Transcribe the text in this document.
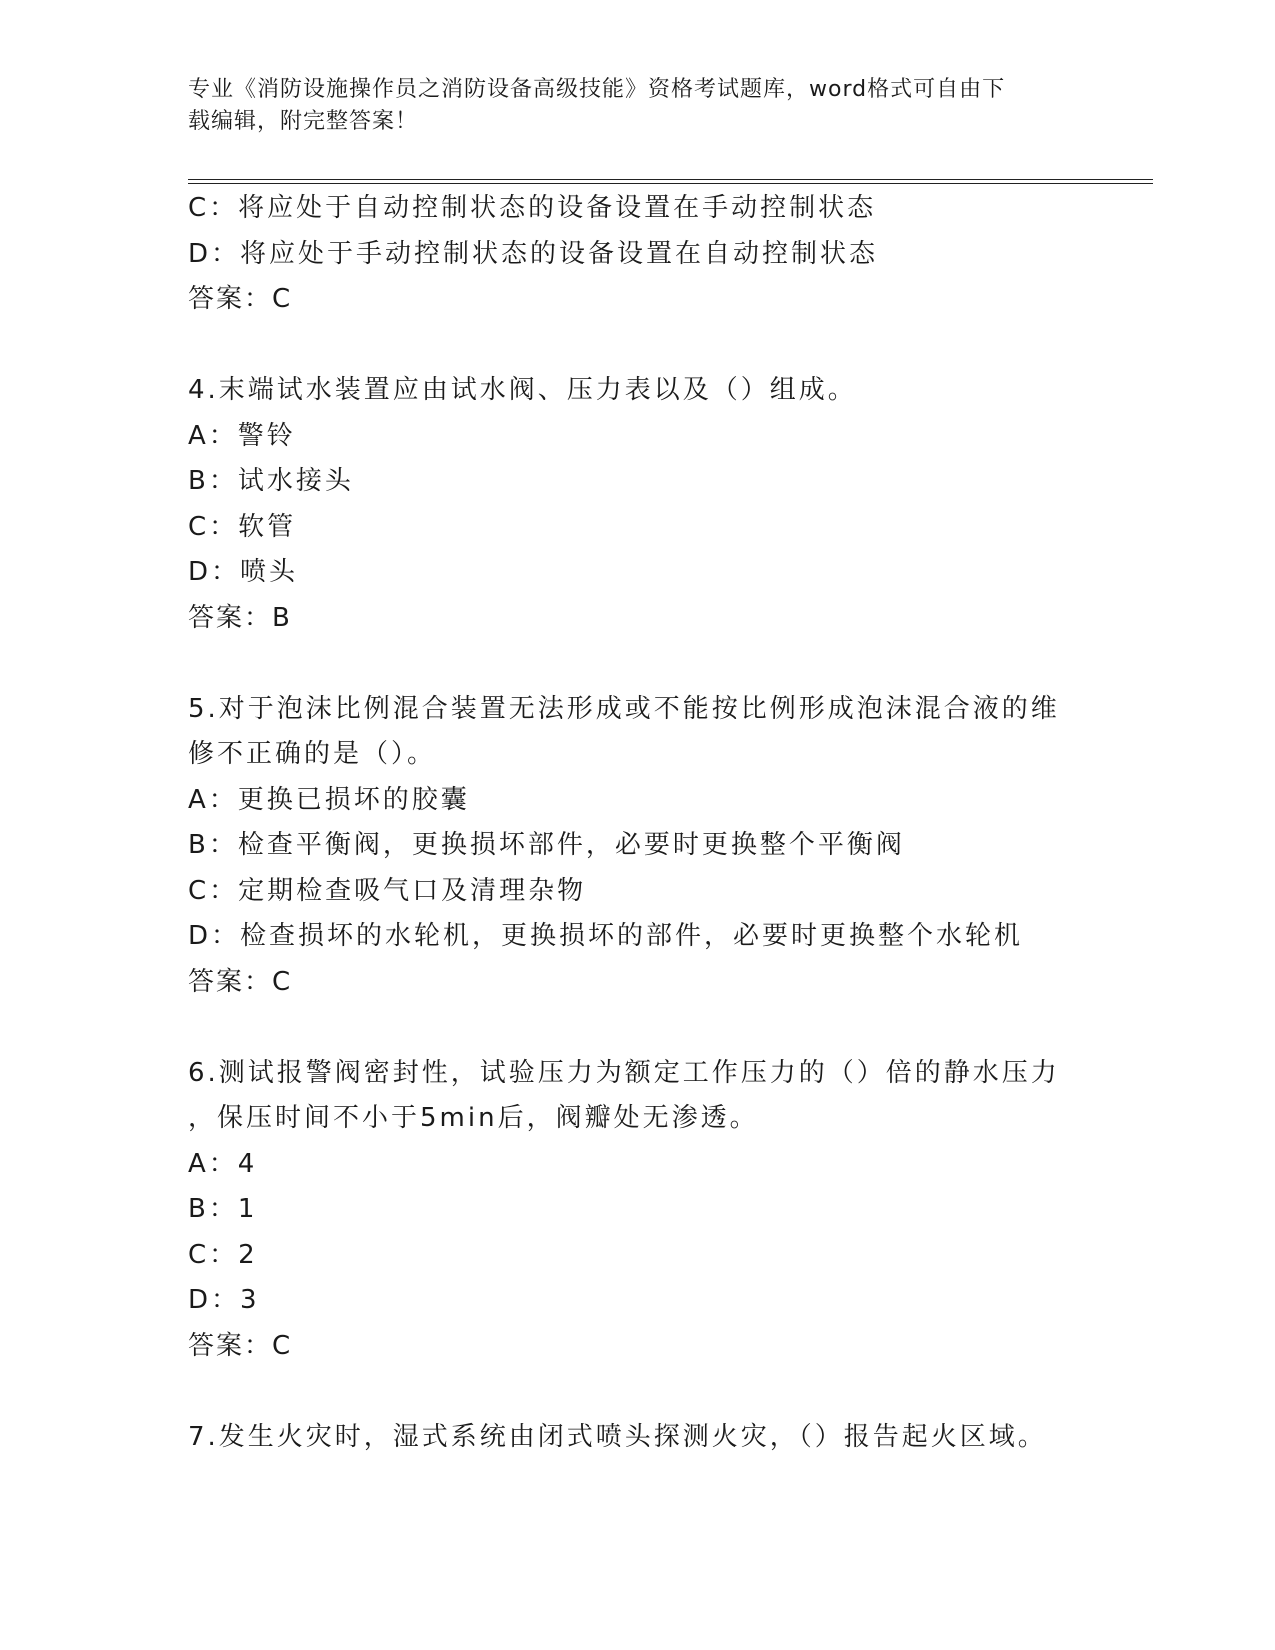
专业《消防设施操作员之消防设备高级技能》资格考试题库，word格式可自由下
载编辑，附完整答案！
C：将应处于自动控制状态的设备设置在手动控制状态
D：将应处于手动控制状态的设备设置在自动控制状态
答案：C
4.末端试水装置应由试水阀、压力表以及（）组成。
A：警铃
B：试水接头
C：软管
D：喷头
答案：B
5.对于泡沫比例混合装置无法形成或不能按比例形成泡沫混合液的维
修不正确的是（）。
A：更换已损坏的胶囊
B：检查平衡阀，更换损坏部件，必要时更换整个平衡阀
C：定期检查吸气口及清理杂物
D：检查损坏的水轮机，更换损坏的部件，必要时更换整个水轮机
答案：C
6.测试报警阀密封性，试验压力为额定工作压力的（）倍的静水压力
，保压时间不小于5min后，阀瓣处无渗透。
A：4
B：1
C：2
D：3
答案：C
7.发生火灾时，湿式系统由闭式喷头探测火灾，（）报告起火区域。
